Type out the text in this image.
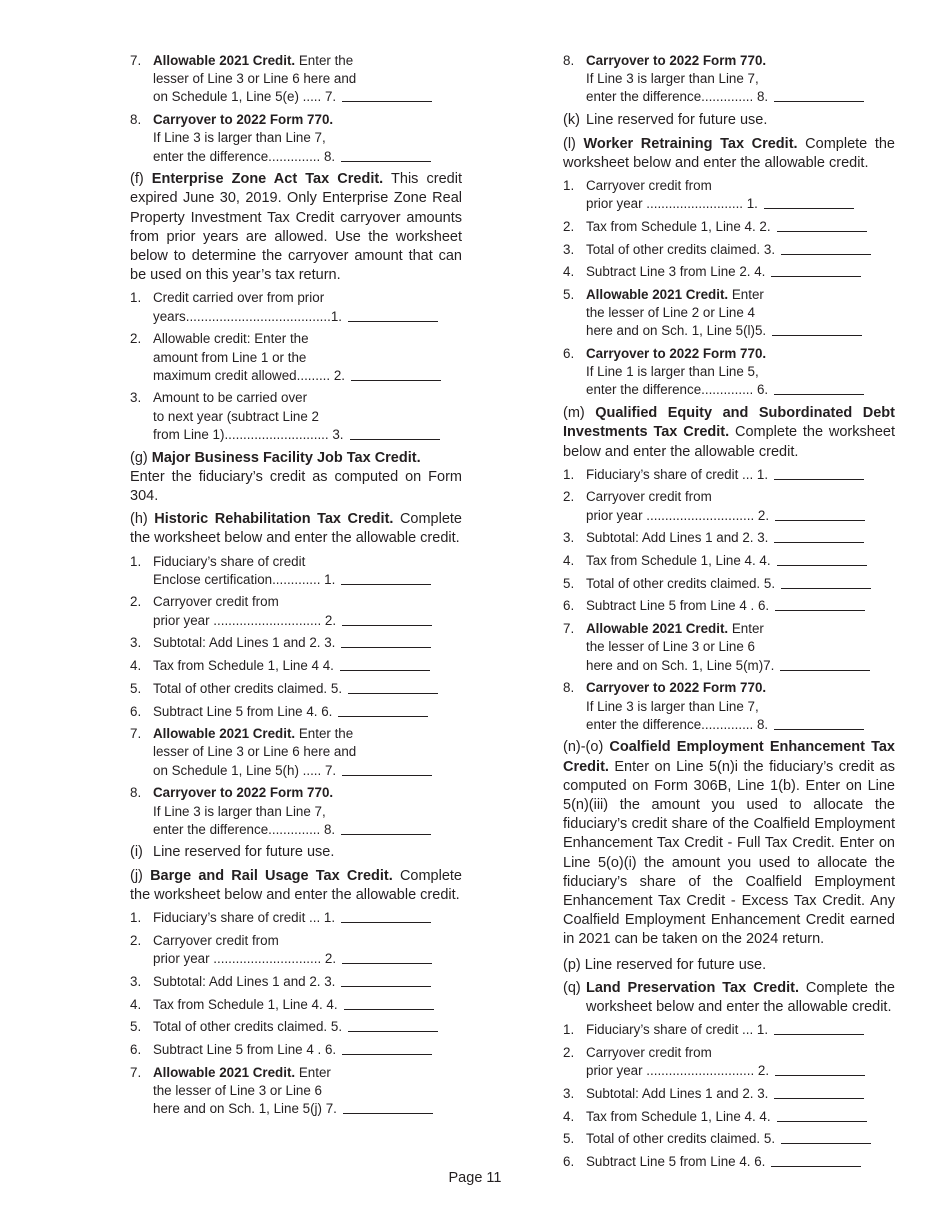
7. Allowable 2021 Credit. Enter the
lesser of Line 3 or Line 6 here and
on Schedule 1, Line 5(e) ..... 7.
8. Carryover to 2022 Form 770.
If Line 3 is larger than Line 7,
enter the difference.............. 8.

(f) Enterprise Zone Act Tax Credit. This credit expired June 30, 2019. Only Enterprise Zone Real Property Investment Tax Credit carryover amounts from prior years are allowed. Use the worksheet below to determine the carryover amount that can be used on this year’s tax return.

1. Credit carried over from prior
years.......................................1.
2. Allowable credit: Enter the
amount from Line 1 or the
maximum credit allowed......... 2.
3. Amount to be carried over
to next year (subtract Line 2
from Line 1)............................ 3.

(g) Major Business Facility Job Tax Credit.
Enter the fiduciary’s credit as computed on Form 304.

(h) Historic Rehabilitation Tax Credit. Complete the worksheet below and enter the allowable credit.

1. Fiduciary’s share of credit
Enclose certification............. 1.
2. Carryover credit from
prior year ............................. 2.
3. Subtotal: Add Lines 1 and 2. 3.
4. Tax from Schedule 1, Line 4 4.
5. Total of other credits claimed. 5.
6. Subtract Line 5 from Line 4. 6.
7. Allowable 2021 Credit. Enter the
lesser of Line 3 or Line 6 here and
on Schedule 1, Line 5(h) ..... 7.
8. Carryover to 2022 Form 770.
If Line 3 is larger than Line 7,
enter the difference.............. 8.
(i) Line reserved for future use.

(j) Barge and Rail Usage Tax Credit. Complete the worksheet below and enter the allowable credit.

1. Fiduciary’s share of credit ... 1.
2. Carryover credit from
prior year ............................. 2.
3. Subtotal: Add Lines 1 and 2. 3.
4. Tax from Schedule 1, Line 4. 4.
5. Total of other credits claimed. 5.
6. Subtract Line 5 from Line 4 . 6.
7. Allowable 2021 Credit. Enter
the lesser of Line 3 or Line 6
here and on Sch. 1, Line 5(j) 7.
8. Carryover to 2022 Form 770.
If Line 3 is larger than Line 7,
enter the difference.............. 8.
(k) Line reserved for future use.

(l) Worker Retraining Tax Credit. Complete the worksheet below and enter the allowable credit.

1. Carryover credit from
prior year .......................... 1.
2. Tax from Schedule 1, Line 4. 2.
3. Total of other credits claimed. 3.
4. Subtract Line 3 from Line 2. 4.
5. Allowable 2021 Credit. Enter
the lesser of Line 2 or Line 4
here and on Sch. 1, Line 5(l)5.
6. Carryover to 2022 Form 770.
If Line 1 is larger than Line 5,
enter the difference.............. 6.

(m) Qualified Equity and Subordinated Debt Investments Tax Credit. Complete the worksheet below and enter the allowable credit.

1. Fiduciary’s share of credit ... 1.
2. Carryover credit from
prior year ............................. 2.
3. Subtotal: Add Lines 1 and 2. 3.
4. Tax from Schedule 1, Line 4. 4.
5. Total of other credits claimed. 5.
6. Subtract Line 5 from Line 4 . 6.
7. Allowable 2021 Credit. Enter
the lesser of Line 3 or Line 6
here and on Sch. 1, Line 5(m)7.
8. Carryover to 2022 Form 770.
If Line 3 is larger than Line 7,
enter the difference.............. 8.

(n)-(o) Coalfield Employment Enhancement Tax Credit. Enter on Line 5(n)i the fiduciary’s credit as computed on Form 306B, Line 1(b). Enter on Line 5(n)(iii) the amount you used to allocate the fiduciary’s credit share of the Coalfield Employment Enhancement Tax Credit - Full Tax Credit. Enter on Line 5(o)(i) the amount you used to allocate the fiduciary’s share of the Coalfield Employment Enhancement Tax Credit - Excess Tax Credit. Any Coalfield Employment Enhancement Credit earned in 2021 can be taken on the 2024 return.

(p) Line reserved for future use.
(q) Land Preservation Tax Credit. Complete the worksheet below and enter the allowable credit.
1. Fiduciary’s share of credit ... 1.
2. Carryover credit from
prior year ............................. 2.
3. Subtotal: Add Lines 1 and 2. 3.
4. Tax from Schedule 1, Line 4. 4.
5. Total of other credits claimed. 5.
6. Subtract Line 5 from Line 4. 6.
Page 11
